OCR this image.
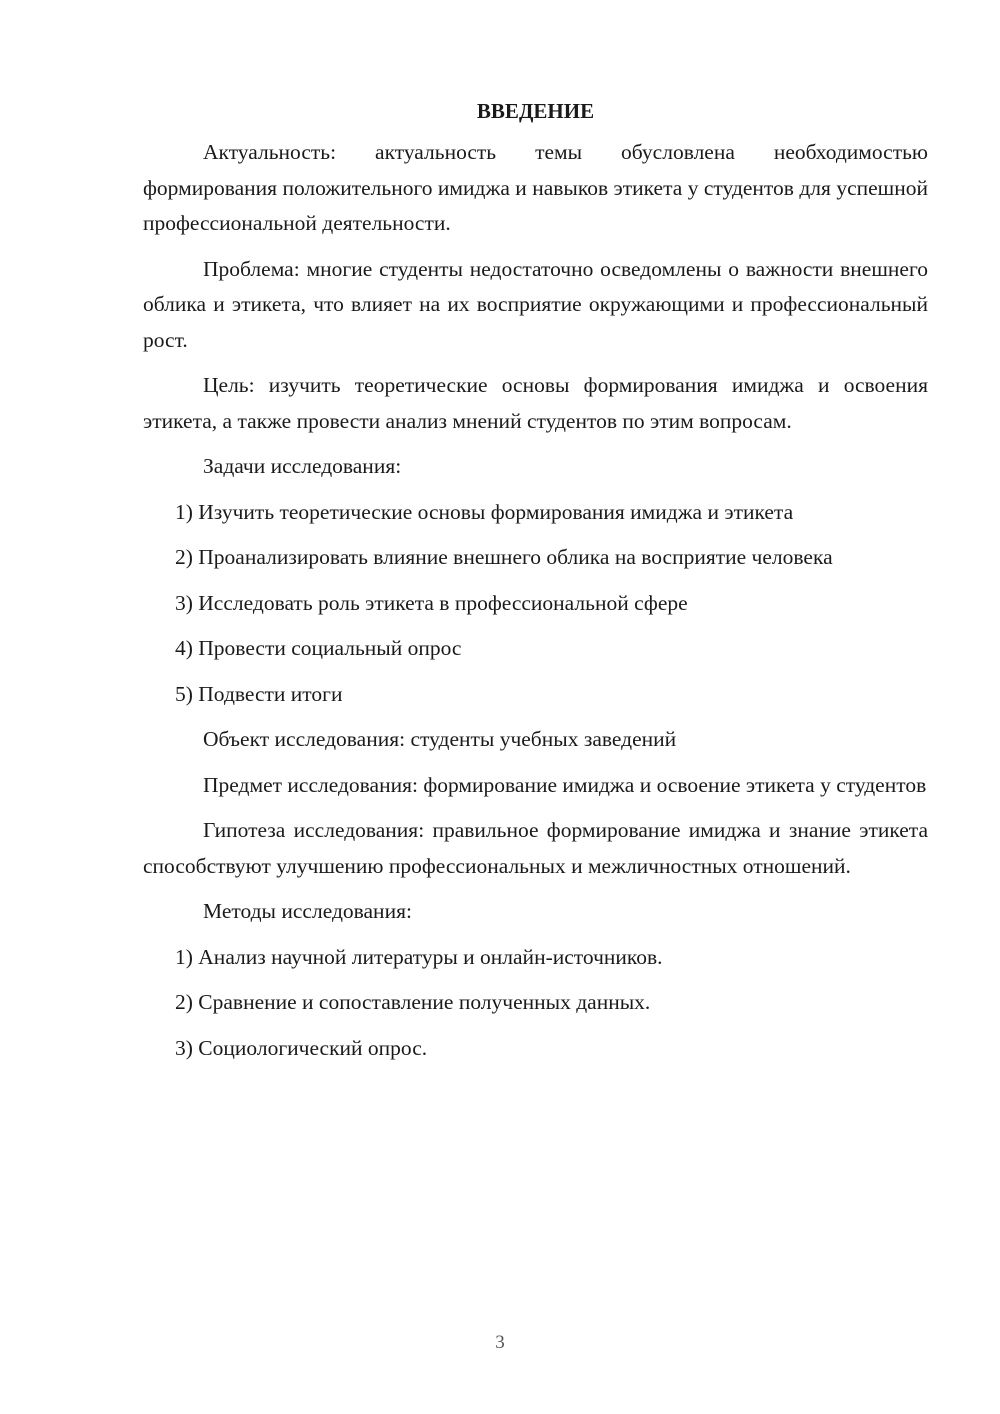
ВВЕДЕНИЕ
Актуальность: актуальность темы обусловлена необходимостью формирования положительного имиджа и навыков этикета у студентов для успешной профессиональной деятельности.
Проблема: многие студенты недостаточно осведомлены о важности внешнего облика и этикета, что влияет на их восприятие окружающими и профессиональный рост.
Цель: изучить теоретические основы формирования имиджа и освоения этикета, а также провести анализ мнений студентов по этим вопросам.
Задачи исследования:
1) Изучить теоретические основы формирования имиджа и этикета
2) Проанализировать влияние внешнего облика на восприятие человека
3) Исследовать роль этикета в профессиональной сфере
4) Провести социальный опрос
5) Подвести итоги
Объект исследования: студенты учебных заведений
Предмет исследования: формирование имиджа и освоение этикета у студентов
Гипотеза исследования: правильное формирование имиджа и знание этикета способствуют улучшению профессиональных и межличностных отношений.
Методы исследования:
1) Анализ научной литературы и онлайн-источников.
2) Сравнение и сопоставление полученных данных.
3) Социологический опрос.
3
